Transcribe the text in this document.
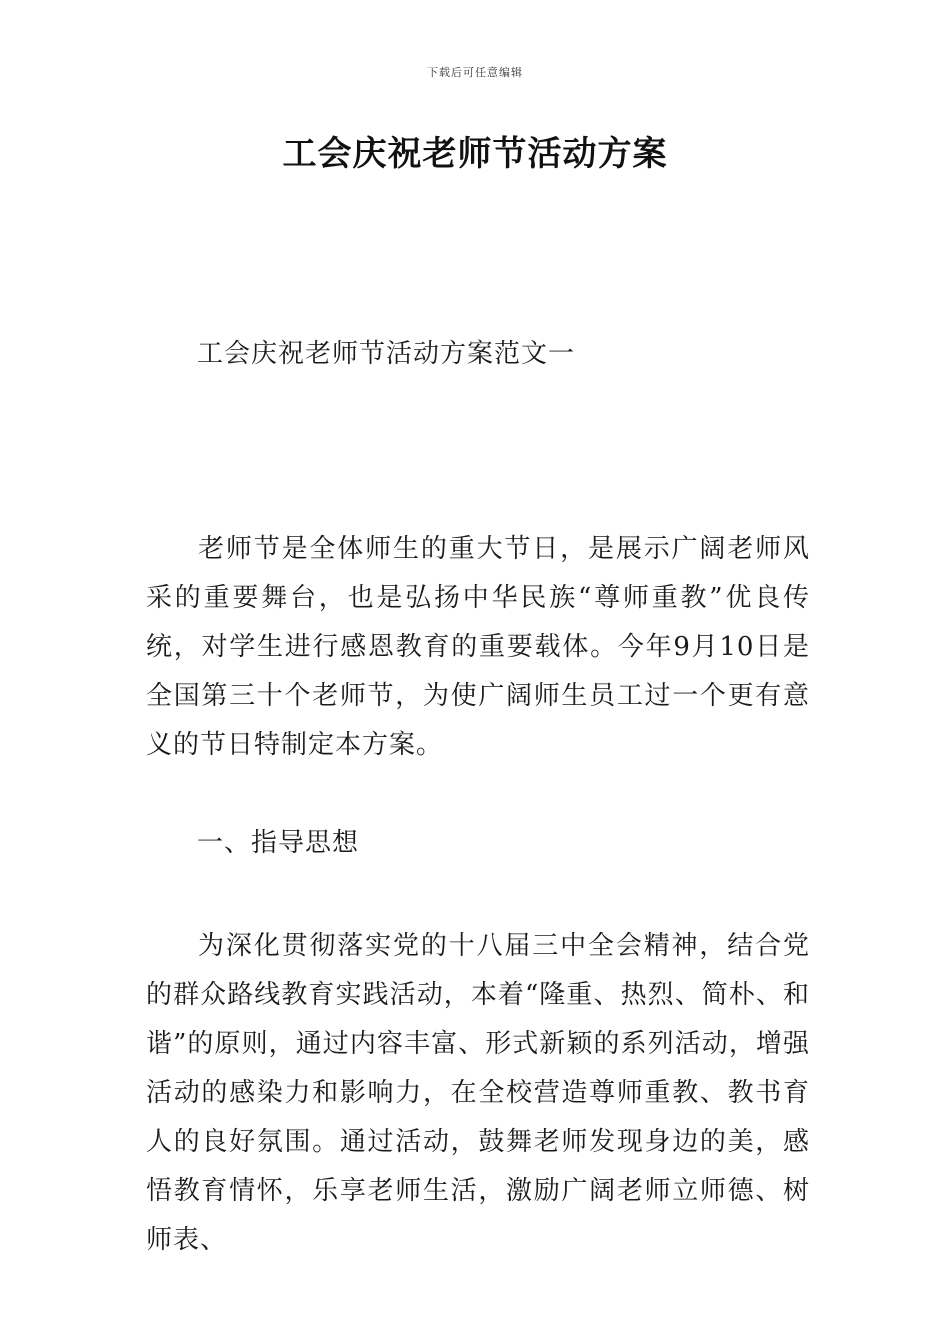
下载后可任意编辑
工会庆祝老师节活动方案
工会庆祝老师节活动方案范文一
老师节是全体师生的重大节日，是展示广阔老师风采的重要舞台，也是弘扬中华民族“尊师重教”优良传统，对学生进行感恩教育的重要载体。今年9月10日是全国第三十个老师节，为使广阔师生员工过一个更有意义的节日特制定本方案。
一、指导思想
为深化贯彻落实党的十八届三中全会精神，结合党的群众路线教育实践活动，本着“隆重、热烈、简朴、和谐”的原则，通过内容丰富、形式新颖的系列活动，增强活动的感染力和影响力，在全校营造尊师重教、教书育人的良好氛围。通过活动，鼓舞老师发现身边的美，感悟教育情怀，乐享老师生活，激励广阔老师立师德、树师表、
